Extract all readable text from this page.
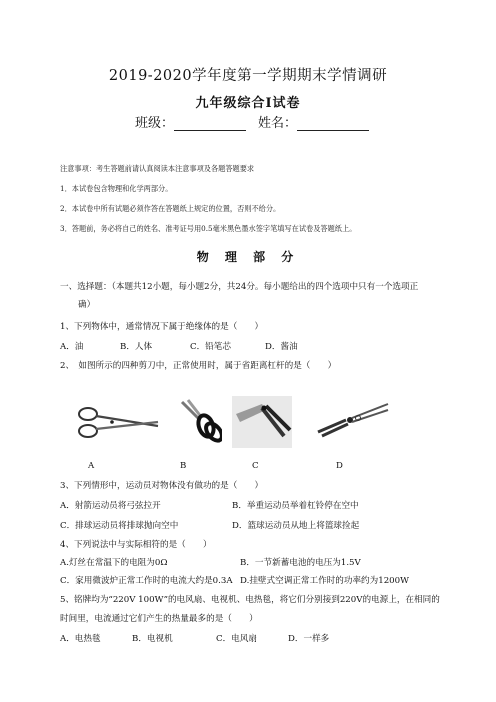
2019-2020学年度第一学期期末学情调研
九年级综合Ⅰ试卷
班级：	姓名：
注意事项：考生答题前请认真阅读本注意事项及各题答题要求
1．本试卷包含物理和化学两部分。
2．本试卷中所有试题必须作答在答题纸上规定的位置，否则不给分。
3．答题前，务必将自己的姓名、准考证号用0.5毫米黑色墨水签字笔填写在试卷及答题纸上。
物 理 部 分
一、选择题：（本题共12小题，每小题2分，共24分。每小题给出的四个选项中只有一个选项正
确）
1、下列物体中，通常情况下属于绝缘体的是（　　）
A．油	B．人体	C．铅笔芯	D．酱油
2、　如图所示的四种剪刀中，正常使用时，属于省距离杠杆的是（　　）
A	B	C	D
3、下列情形中，运动员对物体没有做功的是（　　）
A．射箭运动员将弓弦拉开	B．举重运动员举着杠铃停在空中
C．排球运动员将排球抛向空中	D．篮球运动员从地上将篮球捡起
4、下列说法中与实际相符的是（　　）
A.灯丝在常温下的电阻为0Ω	B．一节新蓄电池的电压为1.5V
C．家用微波炉正常工作时的电流大约是0.3A D.挂壁式空调正常工作时的功率约为1200W
5、铭牌均为“220V 100W”的电风扇、电视机、电热毯，将它们分别接到220V的电源上，在相同的
时间里，电流通过它们产生的热量最多的是（　　）
A．电热毯	B．电视机	C．电风扇	D．一样多
